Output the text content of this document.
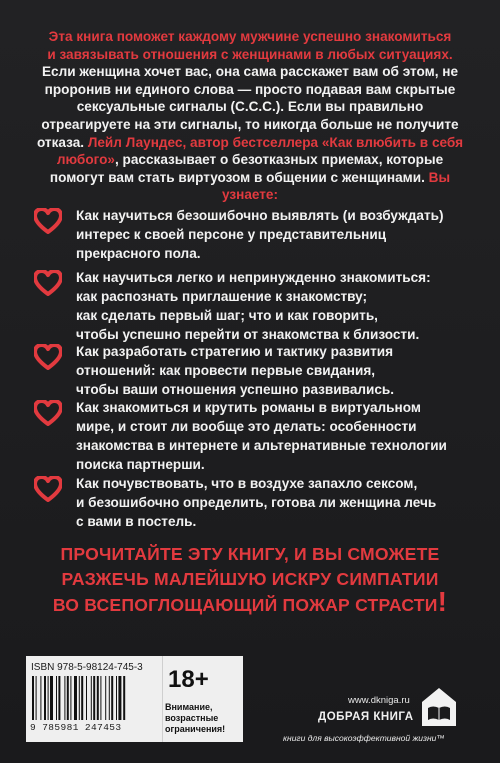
Эта книга поможет каждому мужчине успешно знакомиться

и завязывать отношения с женщинами в любых ситуациях.

Если женщина хочет вас, она сама расскажет вам об этом, не проронив ни единого слова — просто подавая вам скрытые сексуальные сигналы (С.С.С.). Если вы правильно отреагируете на эти сигналы, то никогда больше не получите отказа. Лейл Лаундес, автор бестселлера «Как влюбить в себя любого», рассказывает о безотказных приемах, которые помогут вам стать виртуозом в общении с женщинами. Вы узнаете:

Как научиться безошибочно выявлять (и возбуждать)
интерес к своей персоне у представительниц
прекрасного пола.
Как научиться легко и непринужденно знакомиться:
как распознать приглашение к знакомству;
как сделать первый шаг; что и как говорить,
чтобы успешно перейти от знакомства к близости.
Как разработать стратегию и тактику развития
отношений: как провести первые свидания,
чтобы ваши отношения успешно развивались.
Как знакомиться и крутить романы в виртуальном
мире, и стоит ли вообще это делать: особенности
знакомства в интернете и альтернативные технологии
поиска партнерши.
Как почувствовать, что в воздухе запахло сексом,
и безошибочно определить, готова ли женщина лечь
с вами в постель.
ПРОЧИТАЙТЕ ЭТУ КНИГУ, И ВЫ СМОЖЕТЕ
РАЗЖЕЧЬ МАЛЕЙШУЮ ИСКРУ СИМПАТИИ
ВО ВСЕПОГЛОЩАЮЩИЙ ПОЖАР СТРАСТИ!
ISBN 978-5-98124-745-3
9 785981 247453
18+
Внимание, возрастные ограничения!
www.dkniga.ru
ДОБРАЯ КНИГА
книги для высокоэффективной жизни™
